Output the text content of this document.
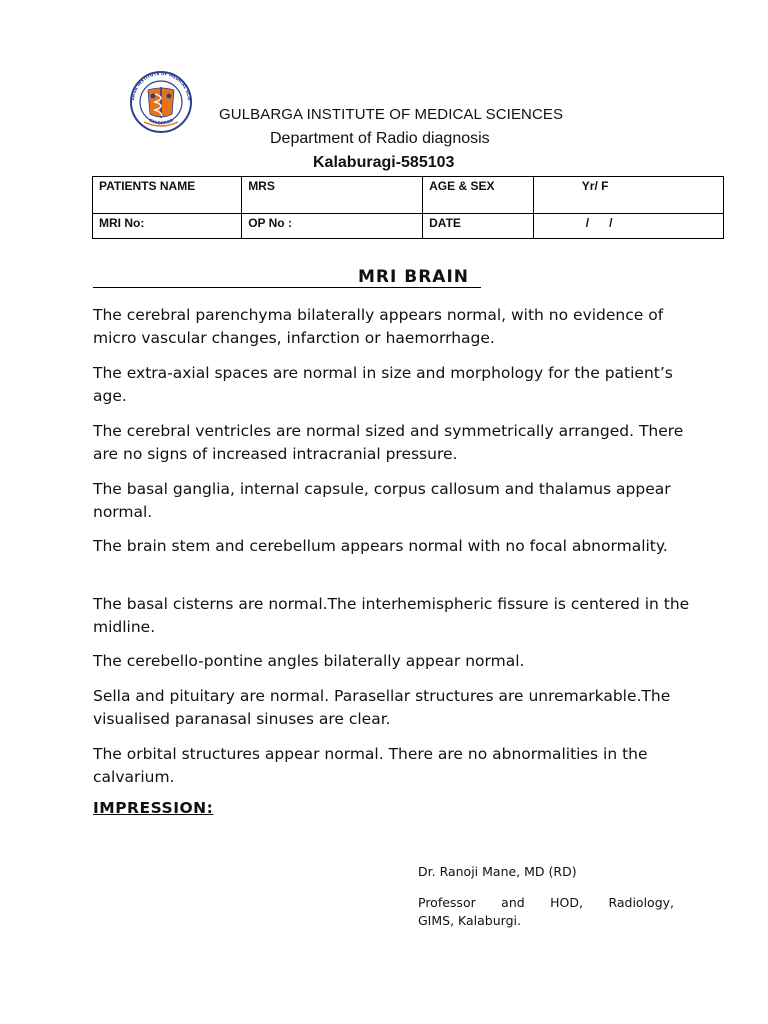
ARGA INSTITUTE OF MEDICAL SCIE
GULBARGA	GULBARGA INSTITUTE OF MEDICAL SCIENCES
Department of Radio diagnosis
Kalaburagi-585103
PATIENTS NAME	MRS	AGE & SEX	Yr/ F
MRI No:	OP No :	DATE	/      /
MRI BRAIN

The cerebral parenchyma bilaterally appears normal, with no evidence of micro vascular changes, infarction or haemorrhage.

The extra-axial spaces are normal in size and morphology for the patient’s age.

The cerebral ventricles are normal sized and symmetrically arranged. There are no signs of increased intracranial pressure.

The basal ganglia, internal capsule, corpus callosum and thalamus appear normal.

The brain stem and cerebellum appears normal with no focal abnormality.

The basal cisterns are normal.The interhemispheric fissure is centered in the midline.

The cerebello-pontine angles bilaterally appear normal.

Sella and pituitary are normal. Parasellar structures are unremarkable.The visualised paranasal sinuses are clear.

The orbital structures appear normal. There are no abnormalities in the calvarium.

IMPRESSION:
Dr. Ranoji Mane, MD (RD)
Professor and HOD, Radiology,
GIMS, Kalaburgi.
